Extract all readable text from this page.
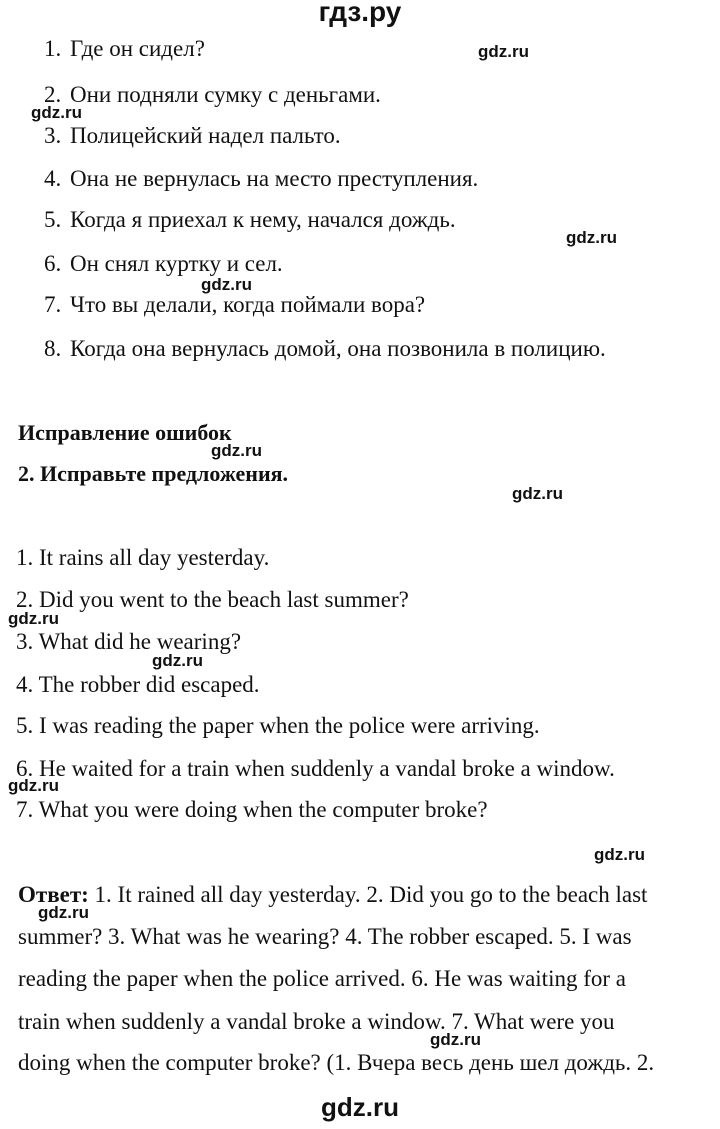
гдз.ру
1. Где он сидел?
2. Они подняли сумку с деньгами.
3. Полицейский надел пальто.
4. Она не вернулась на место преступления.
5. Когда я приехал к нему, начался дождь.
6. Он снял куртку и сел.
7. Что вы делали, когда поймали вора?
8. Когда она вернулась домой, она позвонила в полицию.
Исправление ошибок
2. Исправьте предложения.
1. It rains all day yesterday.
2. Did you went to the beach last summer?
3. What did he wearing?
4. The robber did escaped.
5. I was reading the paper when the police were arriving.
6. He waited for a train when suddenly a vandal broke a window.
7. What you were doing when the computer broke?
Ответ: 1. It rained all day yesterday. 2. Did you go to the beach last
summer? 3. What was he wearing? 4. The robber escaped. 5. I was
reading the paper when the police arrived. 6. He was waiting for a
train when suddenly a vandal broke a window. 7. What were you
doing when the computer broke? (1. Вчера весь день шел дождь. 2.
gdz.ru
gdz.ru
gdz.ru
gdz.ru
gdz.ru
gdz.ru
gdz.ru
gdz.ru
gdz.ru
gdz.ru
gdz.ru
gdz.ru
gdz.ru
